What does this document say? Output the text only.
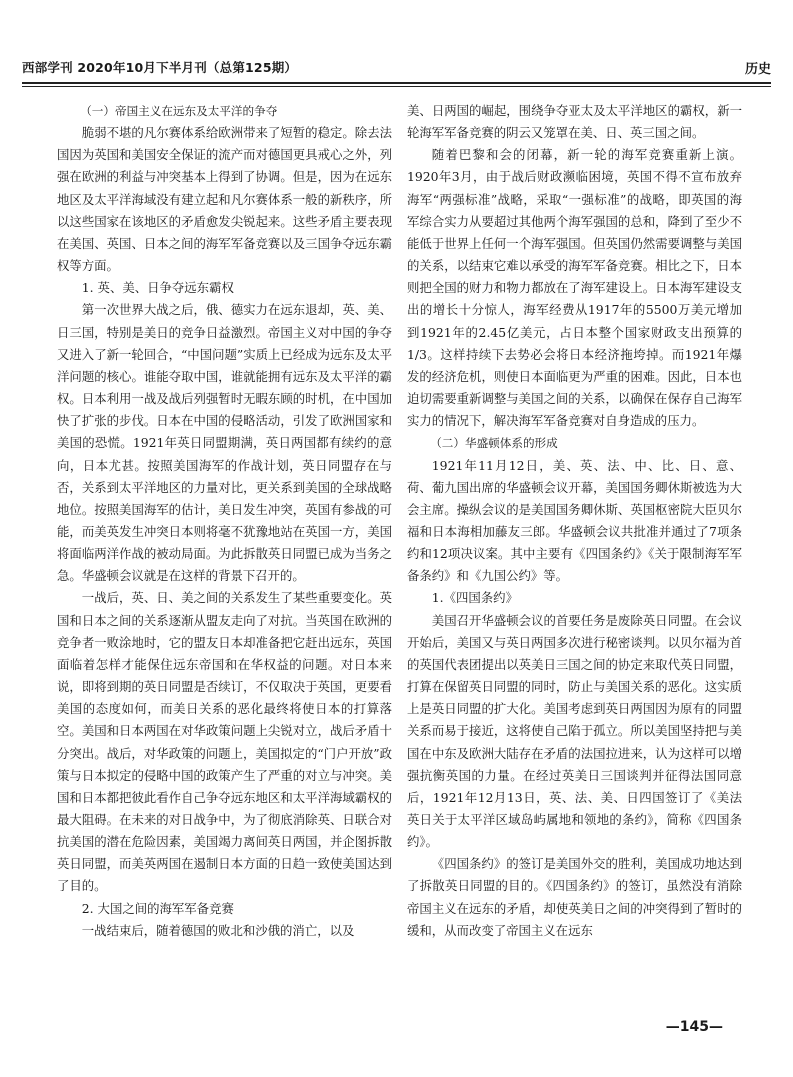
西部学刊 2020年10月下半月刊（总第125期）	历史

（一）帝国主义在远东及太平洋的争夺

脆弱不堪的凡尔赛体系给欧洲带来了短暂的稳定。除去法国因为英国和美国安全保证的流产而对德国更具戒心之外，列强在欧洲的利益与冲突基本上得到了协调。但是，因为在远东地区及太平洋海域没有建立起和凡尔赛体系一般的新秩序，所以这些国家在该地区的矛盾愈发尖锐起来。这些矛盾主要表现在美国、英国、日本之间的海军军备竞赛以及三国争夺远东霸权等方面。

1. 英、美、日争夺远东霸权

第一次世界大战之后，俄、德实力在远东退却，英、美、日三国，特别是美日的竞争日益激烈。帝国主义对中国的争夺又进入了新一轮回合，“中国问题”实质上已经成为远东及太平洋问题的核心。谁能夺取中国，谁就能拥有远东及太平洋的霸权。日本利用一战及战后列强暂时无暇东顾的时机，在中国加快了扩张的步伐。日本在中国的侵略活动，引发了欧洲国家和美国的恐慌。1921年英日同盟期满，英日两国都有续约的意向，日本尤甚。按照美国海军的作战计划，英日同盟存在与否，关系到太平洋地区的力量对比，更关系到美国的全球战略地位。按照美国海军的估计，美日发生冲突，英国有参战的可能，而美英发生冲突日本则将毫不犹豫地站在英国一方，美国将面临两洋作战的被动局面。为此拆散英日同盟已成为当务之急。华盛顿会议就是在这样的背景下召开的。

一战后，英、日、美之间的关系发生了某些重要变化。英国和日本之间的关系逐渐从盟友走向了对抗。当英国在欧洲的竞争者一败涂地时，它的盟友日本却准备把它赶出远东，英国面临着怎样才能保住远东帝国和在华权益的问题。对日本来说，即将到期的英日同盟是否续订，不仅取决于英国，更要看美国的态度如何，而美日关系的恶化最终将使日本的打算落空。美国和日本两国在对华政策问题上尖锐对立，战后矛盾十分突出。战后，对华政策的问题上，美国拟定的“门户开放”政策与日本拟定的侵略中国的政策产生了严重的对立与冲突。美国和日本都把彼此看作自己争夺远东地区和太平洋海域霸权的最大阻碍。在未来的对日战争中，为了彻底消除英、日联合对抗美国的潜在危险因素，美国竭力离间英日两国，并企图拆散英日同盟，而美英两国在遏制日本方面的日趋一致使美国达到了目的。

2. 大国之间的海军军备竞赛

一战结束后，随着德国的败北和沙俄的消亡，以及

美、日两国的崛起，围绕争夺亚太及太平洋地区的霸权，新一轮海军军备竞赛的阴云又笼罩在美、日、英三国之间。

随着巴黎和会的闭幕，新一轮的海军竞赛重新上演。1920年3月，由于战后财政濒临困境，英国不得不宣布放弃海军“两强标准”战略，采取“一强标准”的战略，即英国的海军综合实力从要超过其他两个海军强国的总和，降到了至少不能低于世界上任何一个海军强国。但英国仍然需要调整与美国的关系，以结束它难以承受的海军军备竞赛。相比之下，日本则把全国的财力和物力都放在了海军建设上。日本海军建设支出的增长十分惊人，海军经费从1917年的5500万美元增加到1921年的2.45亿美元，占日本整个国家财政支出预算的1/3。这样持续下去势必会将日本经济拖垮掉。而1921年爆发的经济危机，则使日本面临更为严重的困难。因此，日本也迫切需要重新调整与美国之间的关系，以确保在保存自己海军实力的情况下，解决海军军备竞赛对自身造成的压力。

（二）华盛顿体系的形成

1921年11月12日，美、英、法、中、比、日、意、荷、葡九国出席的华盛顿会议开幕，美国国务卿休斯被选为大会主席。操纵会议的是美国国务卿休斯、英国枢密院大臣贝尔福和日本海相加藤友三郎。华盛顿会议共批准并通过了7项条约和12项决议案。其中主要有《四国条约》《关于限制海军军备条约》和《九国公约》等。

1.《四国条约》

美国召开华盛顿会议的首要任务是废除英日同盟。在会议开始后，美国又与英日两国多次进行秘密谈判。以贝尔福为首的英国代表团提出以英美日三国之间的协定来取代英日同盟，打算在保留英日同盟的同时，防止与美国关系的恶化。这实质上是英日同盟的扩大化。美国考虑到英日两国因为原有的同盟关系而易于接近，这将使自己陷于孤立。所以美国坚持把与美国在中东及欧洲大陆存在矛盾的法国拉进来，认为这样可以增强抗衡英国的力量。在经过英美日三国谈判并征得法国同意后，1921年12月13日，英、法、美、日四国签订了《美法英日关于太平洋区域岛屿属地和领地的条约》，简称《四国条约》。

《四国条约》的签订是美国外交的胜利，美国成功地达到了拆散英日同盟的目的。《四国条约》的签订，虽然没有消除帝国主义在远东的矛盾，却使英美日之间的冲突得到了暂时的缓和，从而改变了帝国主义在远东

—145—
